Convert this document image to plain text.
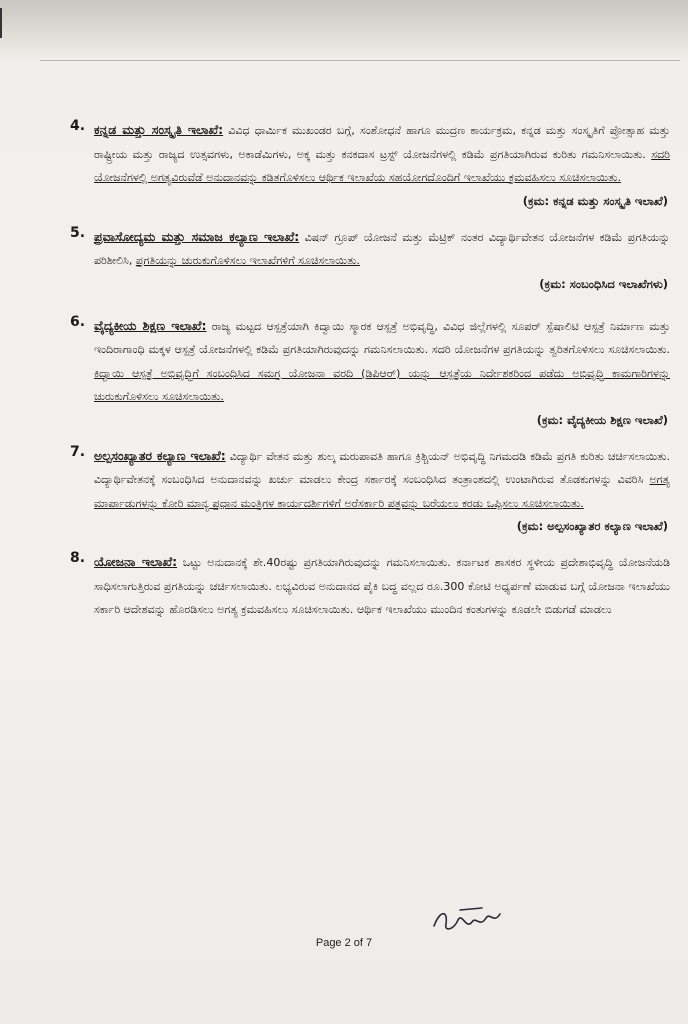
4. ಕನ್ನಡ ಮತ್ತು ಸಂಸ್ಕೃತಿ ಇಲಾಖೆ: ವಿವಿಧ ಧಾರ್ಮಿಕ ಮುಖಂಡರ ಬಗ್ಗೆ, ಸಂಶೋಧನೆ ಹಾಗೂ ಮುದ್ರಣ ಕಾರ್ಯಕ್ರಮ, ಕನ್ನಡ ಮತ್ತು ಸಂಸ್ಕೃತಿಗೆ ಪ್ರೋತ್ಸಾಹ ಮತ್ತು ರಾಷ್ಟ್ರೀಯ ಮತ್ತು ರಾಜ್ಯದ ಉತ್ಸವಗಳು, ಅಕಾಡೆಮಿಗಳು, ಅಕ್ಕ ಮತ್ತು ಕನಕದಾಸ ಟ್ರಸ್ಟ್‌ ಯೋಜನೆಗಳಲ್ಲಿ ಕಡಿಮೆ ಪ್ರಗತಿಯಾಗಿರುವ ಕುರಿತು ಗಮನಿಸಲಾಯಿತು. ಸದರಿ ಯೋಜನೆಗಳಲ್ಲಿ ಅಗತ್ಯವಿರುವೆಡೆ ಅನುದಾನವನ್ನು ಕಡಿತಗೊಳಿಸಲು ಆರ್ಥಿಕ ಇಲಾಖೆಯ ಸಹಯೋಗದೊಂದಿಗೆ ಇಲಾಖೆಯು ಕ್ರಮವಹಿಸಲು ಸೂಚಿಸಲಾಯಿತು.
(ಕ್ರಮ: ಕನ್ನಡ ಮತ್ತು ಸಂಸ್ಕೃತಿ ಇಲಾಖೆ)
5. ಪ್ರವಾಸೋದ್ಯಮ ಮತ್ತು ಸಮಾಜ ಕಲ್ಯಾಣ ಇಲಾಖೆ: ವಿಷನ್ ಗ್ರೂಪ್ ಯೋಜನೆ ಮತ್ತು ಮೆಟ್ರಿಕ್ ನಂತರ ವಿದ್ಯಾರ್ಥಿವೇತನ ಯೋಜನೆಗಳ ಕಡಿಮೆ ಪ್ರಗತಿಯನ್ನು ಪರಿಶೀಲಿಸಿ, ಪ್ರಗತಿಯನ್ನು ಚುರುಕುಗೊಳಿಸಲು ಇಲಾಖೆಗಳಿಗೆ ಸೂಚಿಸಲಾಯಿತು.
(ಕ್ರಮ: ಸಂಬಂಧಿಸಿದ ಇಲಾಖೆಗಳು)
6. ವೈದ್ಯಕೀಯ ಶಿಕ್ಷಣ ಇಲಾಖೆ: ರಾಜ್ಯ ಮಟ್ಟದ ಆಸ್ಪತ್ರೆಯಾಗಿ ಕಿದ್ವಾಯಿ ಸ್ಮಾರಕ ಆಸ್ಪತ್ರೆ ಅಭಿವೃದ್ಧಿ, ವಿವಿಧ ಜಿಲ್ಲೆಗಳಲ್ಲಿ ಸೂಪರ್ ಸ್ಪೆಷಾಲಿಟಿ ಆಸ್ಪತ್ರೆ ನಿರ್ಮಾಣ ಮತ್ತು ಇಂದಿರಾಗಾಂಧಿ ಮಕ್ಕಳ ಆಸ್ಪತ್ರೆ ಯೋಜನೆಗಳಲ್ಲಿ ಕಡಿಮೆ ಪ್ರಗತಿಯಾಗಿರುವುದನ್ನು ಗಮನಿಸಲಾಯಿತು. ಸದರಿ ಯೋಜನೆಗಳ ಪ್ರಗತಿಯನ್ನು ತ್ವರಿತಗೊಳಿಸಲು ಸೂಚಿಸಲಾಯಿತು. ಕಿದ್ವಾಯಿ ಆಸ್ಪತ್ರೆ ಅಭಿವೃದ್ಧಿಗೆ ಸಂಬಂಧಿಸಿದ ಸಮಗ್ರ ಯೋಜನಾ ವರದಿ (ಡಿಪಿಆರ್) ಯನ್ನು ಆಸ್ಪತ್ರೆಯ ನಿರ್ದೇಶಕರಿಂದ ಪಡೆದು ಅಭಿವೃದ್ಧಿ ಕಾಮಗಾರಿಗಳನ್ನು ಚುರುಕುಗೊಳಿಸಲು ಸೂಚಿಸಲಾಯಿತು.
(ಕ್ರಮ: ವೈದ್ಯಕೀಯ ಶಿಕ್ಷಣ ಇಲಾಖೆ)
7. ಅಲ್ಪಸಂಖ್ಯಾತರ ಕಲ್ಯಾಣ ಇಲಾಖೆ: ವಿದ್ಯಾರ್ಥಿ ವೇತನ ಮತ್ತು ಶುಲ್ಕ ಮರುಪಾವತಿ ಹಾಗೂ ಕ್ರಿಶ್ಚಿಯನ್ ಅಭಿವೃದ್ಧಿ ನಿಗಮದಡಿ ಕಡಿಮೆ ಪ್ರಗತಿ ಕುರಿತು ಚರ್ಚಿಸಲಾಯಿತು. ವಿದ್ಯಾರ್ಥಿವೇತನಕ್ಕೆ ಸಂಬಂಧಿಸಿದ ಅನುದಾನವನ್ನು ಖರ್ಚು ಮಾಡಲು ಕೇಂದ್ರ ಸರ್ಕಾರಕ್ಕೆ ಸಂಬಂಧಿಸಿದ ತಂತ್ರಾಂಶದಲ್ಲಿ ಉಂಟಾಗಿರುವ ತೊಡಕುಗಳನ್ನು ವಿವರಿಸಿ ಅಗತ್ಯ ಮಾರ್ಪಾಡುಗಳನ್ನು ಕೋರಿ ಮಾನ್ಯ ಪ್ರಧಾನ ಮಂತ್ರಿಗಳ ಕಾರ್ಯದರ್ಶಿಗಳಿಗೆ ಅರೆಸರ್ಕಾರಿ ಪತ್ರವನ್ನು ಬರೆಯಲು ಕರಡು ಒಪ್ಪಿಸಲು ಸೂಚಿಸಲಾಯಿತು.
(ಕ್ರಮ: ಅಲ್ಪಸಂಖ್ಯಾತರ ಕಲ್ಯಾಣ ಇಲಾಖೆ)
8. ಯೋಜನಾ ಇಲಾಖೆ: ಒಟ್ಟು ಅನುದಾನಕ್ಕೆ ಶೇ.40ರಷ್ಟು ಪ್ರಗತಿಯಾಗಿರುವುದನ್ನು ಗಮನಿಸಲಾಯಿತು. ಕರ್ನಾಟಕ ಶಾಸಕರ ಸ್ಥಳೀಯ ಪ್ರದೇಶಾಭಿವೃದ್ಧಿ ಯೋಜನೆಯಡಿ ಸಾಧಿಸಲಾಗುತ್ತಿರುವ ಪ್ರಗತಿಯನ್ನು ಚರ್ಚಿಸಲಾಯಿತು. ಲಭ್ಯವಿರುವ ಅನುದಾನದ ಪೈಕಿ ಬದ್ಧ ವಲ್ಲದ ರೂ.300 ಕೋಟಿ ಅಧ್ಯರ್ಪಣೆ ಮಾಡುವ ಬಗ್ಗೆ ಯೋಜನಾ ಇಲಾಖೆಯು ಸರ್ಕಾರಿ ಆದೇಶವನ್ನು ಹೊರಡಿಸಲು ಅಗತ್ಯ ಕ್ರಮವಹಿಸಲು ಸೂಚಿಸಲಾಯಿತು. ಆರ್ಥಿಕ ಇಲಾಖೆಯು ಮುಂದಿನ ಕಂತುಗಳನ್ನು ಕೂಡಲೇ ಬಿಡುಗಡೆ ಮಾಡಲು
Page 2 of 7
